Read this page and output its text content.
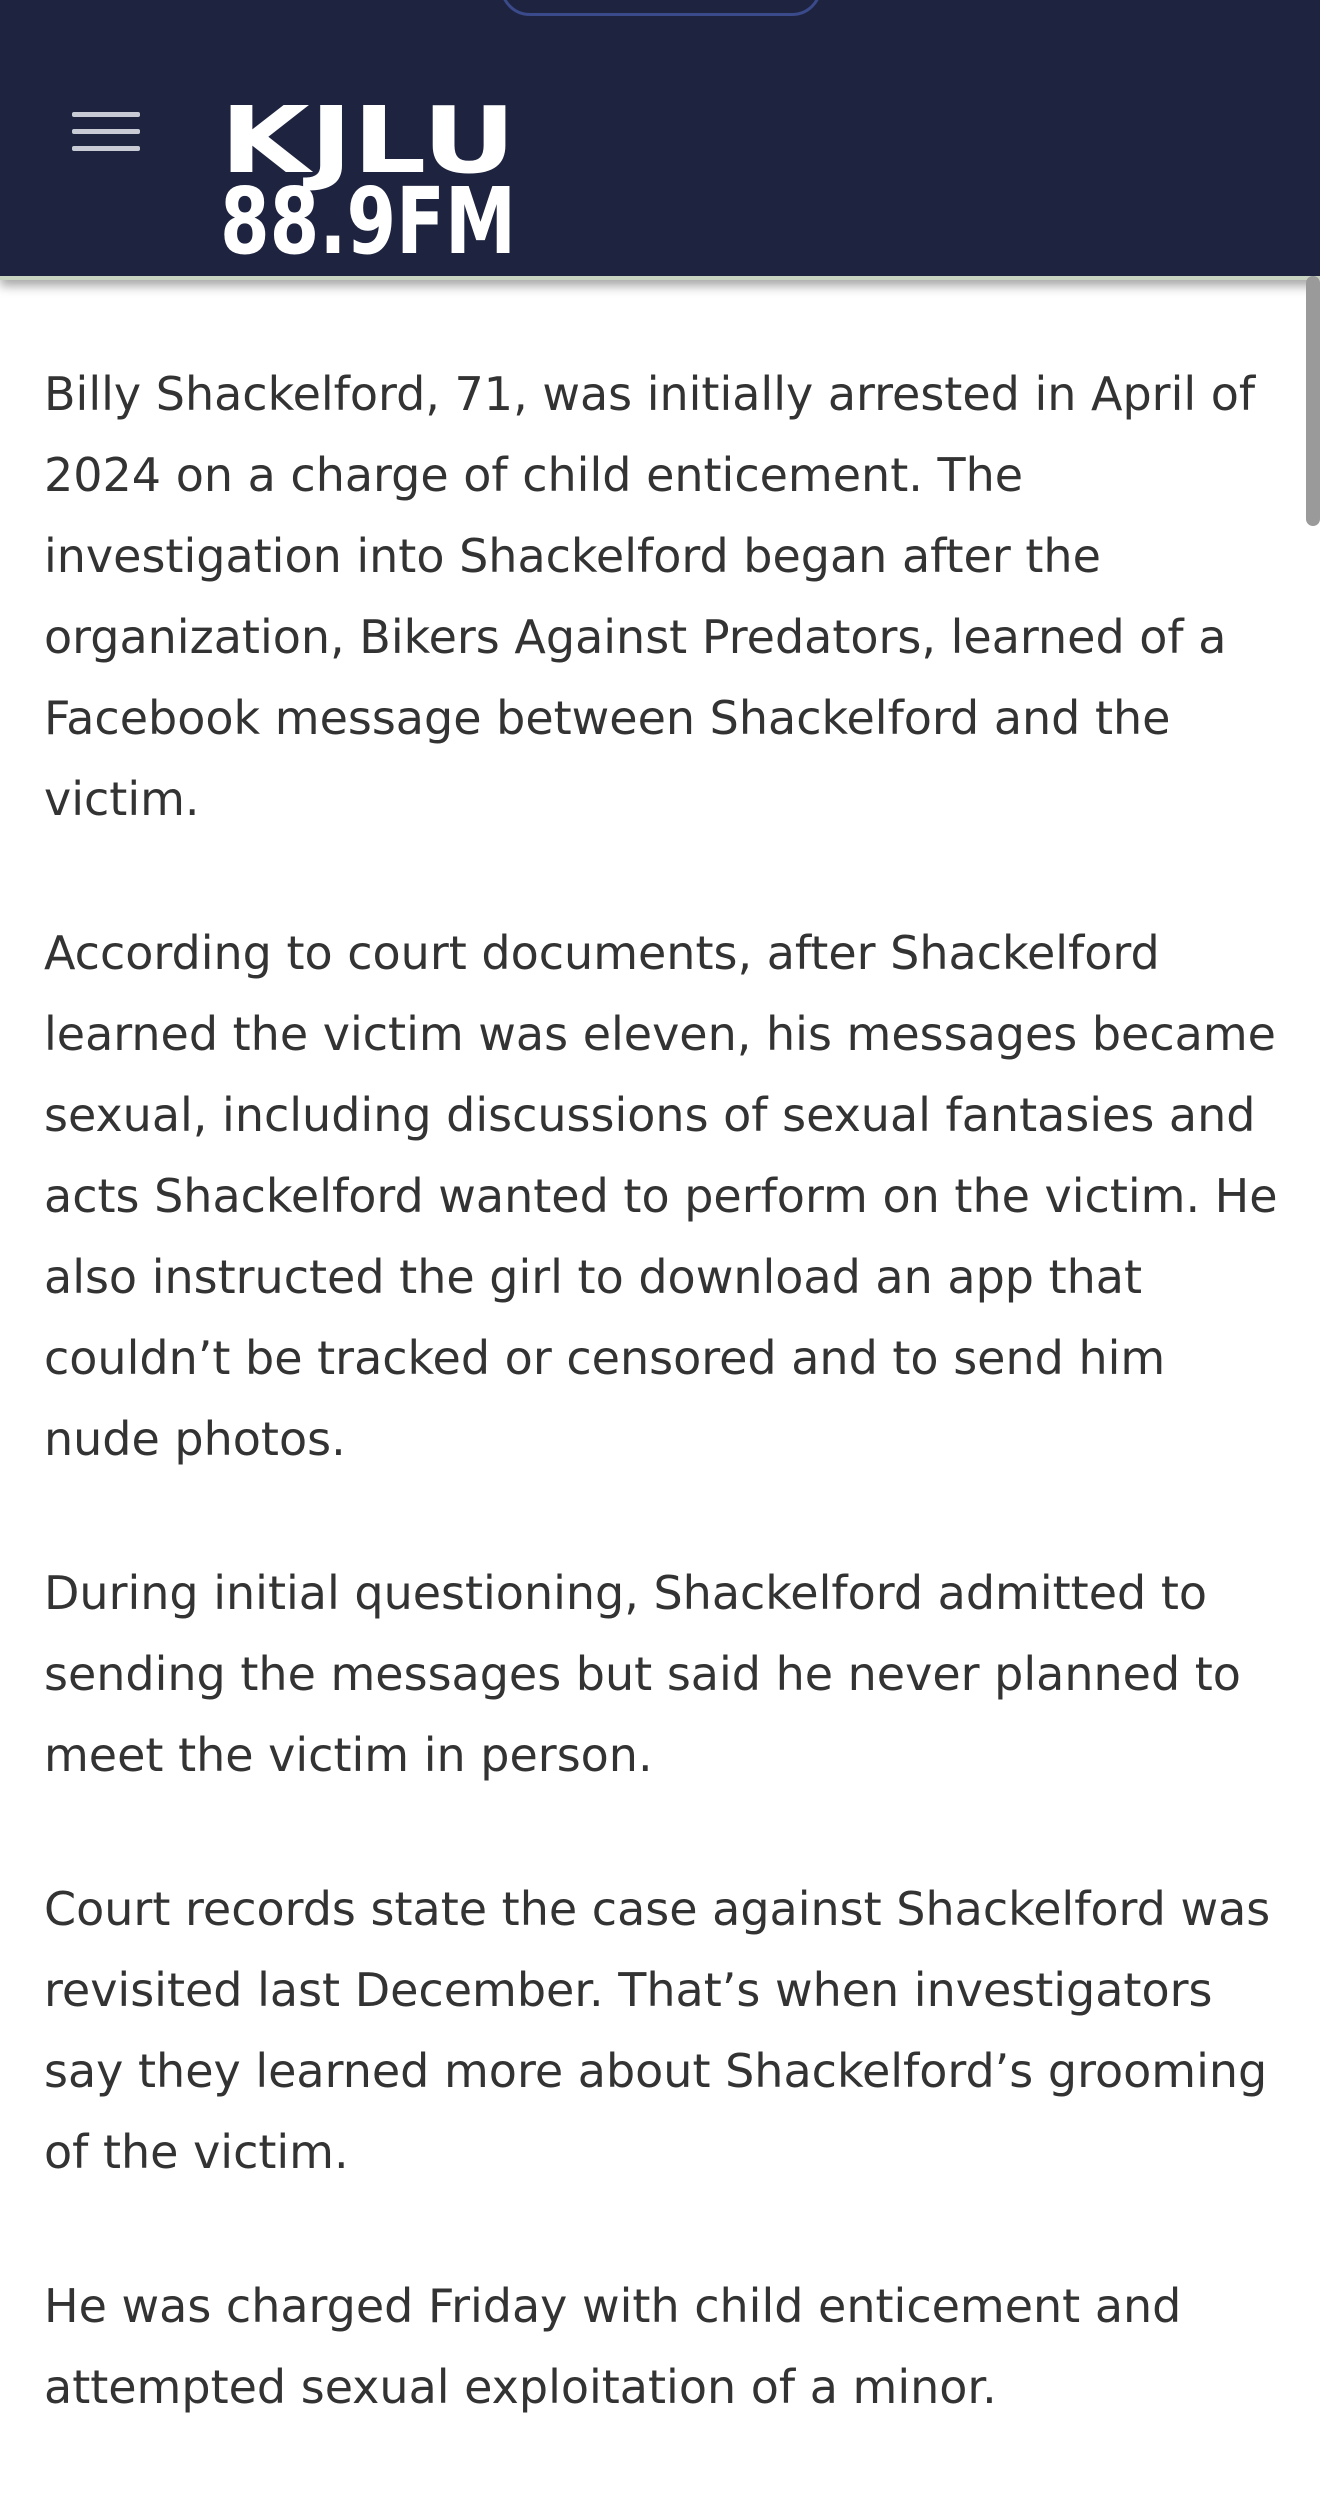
KJLU
88.9FM

Billy Shackelford, 71, was initially arrested in April of 2024 on a charge of child enticement. The investigation into Shackelford began after the organization, Bikers Against Predators, learned of a Facebook message between Shackelford and the victim.

According to court documents, after Shackelford learned the victim was eleven, his messages became sexual, including discussions of sexual fantasies and acts Shackelford wanted to perform on the victim. He also instructed the girl to download an app that couldn’t be tracked or censored and to send him nude photos.

During initial questioning, Shackelford admitted to sending the messages but said he never planned to meet the victim in person.

Court records state the case against Shackelford was revisited last December. That’s when investigators say they learned more about Shackelford’s grooming of the victim.

He was charged Friday with child enticement and attempted sexual exploitation of a minor.
